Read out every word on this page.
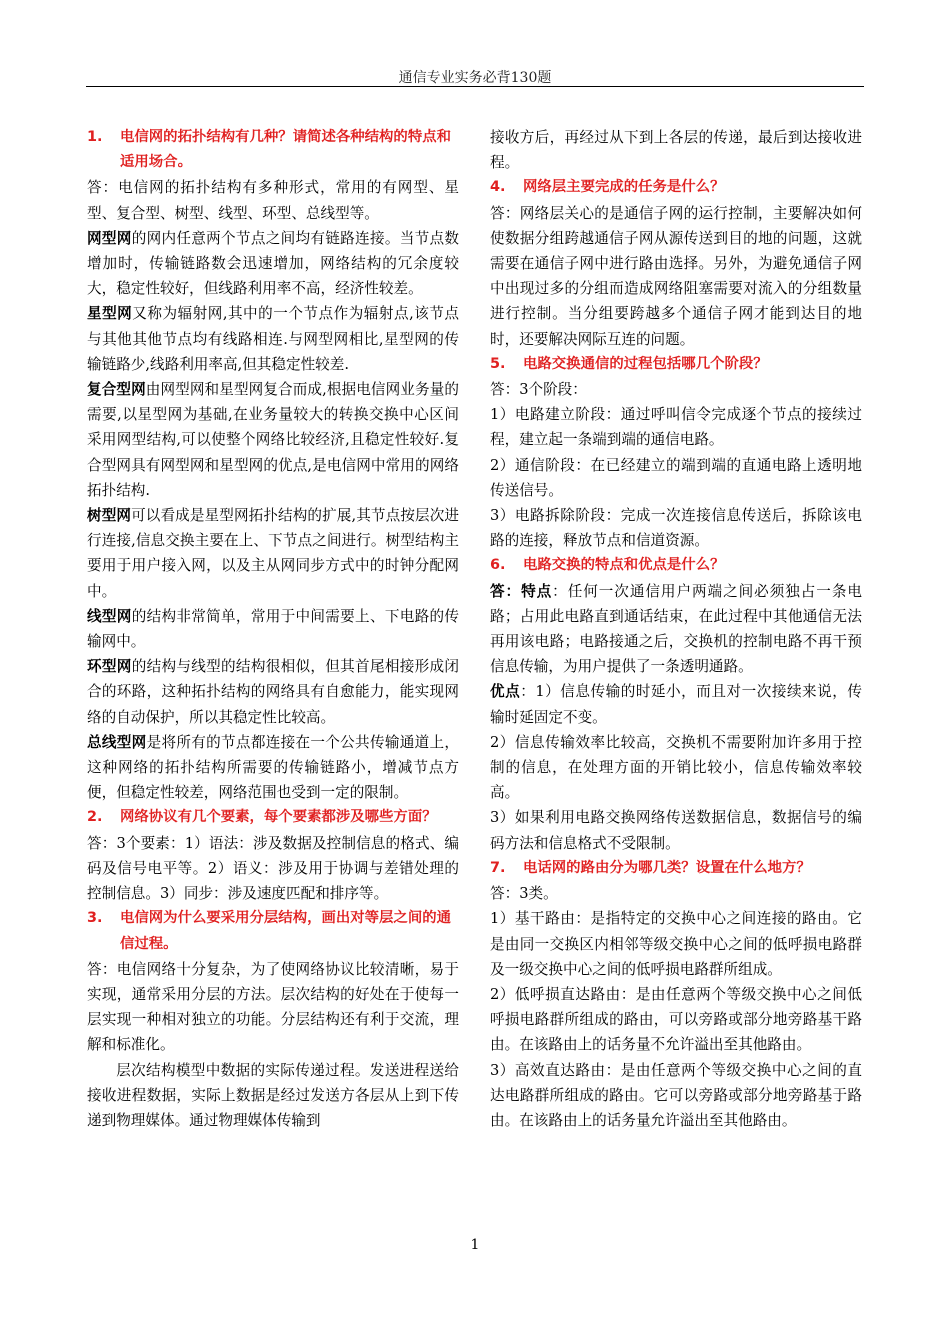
通信专业实务必背130题
1.	电信网的拓扑结构有几种？请简述各种结构的特点和适用场合。

答：电信网的拓扑结构有多种形式，常用的有网型、星型、复合型、树型、线型、环型、总线型等。

网型网的网内任意两个节点之间均有链路连接。当节点数增加时，传输链路数会迅速增加，网络结构的冗余度较大，稳定性较好，但线路利用率不高，经济性较差。

星型网又称为辐射网,其中的一个节点作为辐射点,该节点与其他其他节点均有线路相连.与网型网相比,星型网的传输链路少,线路利用率高,但其稳定性较差.

复合型网由网型网和星型网复合而成,根据电信网业务量的需要,以星型网为基础,在业务量较大的转换交换中心区间采用网型结构,可以使整个网络比较经济,且稳定性较好.复合型网具有网型网和星型网的优点,是电信网中常用的网络拓扑结构.

树型网可以看成是星型网拓扑结构的扩展,其节点按层次进行连接,信息交换主要在上、下节点之间进行。树型结构主要用于用户接入网，以及主从网同步方式中的时钟分配网中。

线型网的结构非常简单，常用于中间需要上、下电路的传输网中。

环型网的结构与线型的结构很相似，但其首尾相接形成闭合的环路，这种拓扑结构的网络具有自愈能力，能实现网络的自动保护，所以其稳定性比较高。

总线型网是将所有的节点都连接在一个公共传输通道上，这种网络的拓扑结构所需要的传输链路小，增减节点方便，但稳定性较差，网络范围也受到一定的限制。

2.	网络协议有几个要素，每个要素都涉及哪些方面？

答：3个要素：1）语法：涉及数据及控制信息的格式、编码及信号电平等。2）语义：涉及用于协调与差错处理的控制信息。3）同步：涉及速度匹配和排序等。

3.	电信网为什么要采用分层结构，画出对等层之间的通信过程。

答：电信网络十分复杂，为了使网络协议比较清晰，易于实现，通常采用分层的方法。层次结构的好处在于使每一层实现一种相对独立的功能。分层结构还有利于交流，理解和标准化。

层次结构模型中数据的实际传递过程。发送进程送给接收进程数据，实际上数据是经过发送方各层从上到下传递到物理媒体。通过物理媒体传输到

接收方后，再经过从下到上各层的传递，最后到达接收进程。

4.	网络层主要完成的任务是什么？

答：网络层关心的是通信子网的运行控制，主要解决如何使数据分组跨越通信子网从源传送到目的地的问题，这就需要在通信子网中进行路由选择。另外，为避免通信子网中出现过多的分组而造成网络阻塞需要对流入的分组数量进行控制。当分组要跨越多个通信子网才能到达目的地时，还要解决网际互连的问题。

5.	电路交换通信的过程包括哪几个阶段？

答：3个阶段：

1）电路建立阶段：通过呼叫信令完成逐个节点的接续过程，建立起一条端到端的通信电路。

2）通信阶段：在已经建立的端到端的直通电路上透明地传送信号。

3）电路拆除阶段：完成一次连接信息传送后，拆除该电路的连接，释放节点和信道资源。

6.	电路交换的特点和优点是什么？

答：特点：任何一次通信用户两端之间必须独占一条电路；占用此电路直到通话结束，在此过程中其他通信无法再用该电路；电路接通之后，交换机的控制电路不再干预信息传输，为用户提供了一条透明通路。

优点：1）信息传输的时延小，而且对一次接续来说，传输时延固定不变。

2）信息传输效率比较高，交换机不需要附加许多用于控制的信息，在处理方面的开销比较小，信息传输效率较高。

3）如果利用电路交换网络传送数据信息，数据信号的编码方法和信息格式不受限制。

7.	电话网的路由分为哪几类？设置在什么地方？

答：3类。

1）基干路由：是指特定的交换中心之间连接的路由。它是由同一交换区内相邻等级交换中心之间的低呼损电路群及一级交换中心之间的低呼损电路群所组成。

2）低呼损直达路由：是由任意两个等级交换中心之间低呼损电路群所组成的路由，可以旁路或部分地旁路基干路由。在该路由上的话务量不允许溢出至其他路由。

3）高效直达路由：是由任意两个等级交换中心之间的直达电路群所组成的路由。它可以旁路或部分地旁路基于路由。在该路由上的话务量允许溢出至其他路由。

1
